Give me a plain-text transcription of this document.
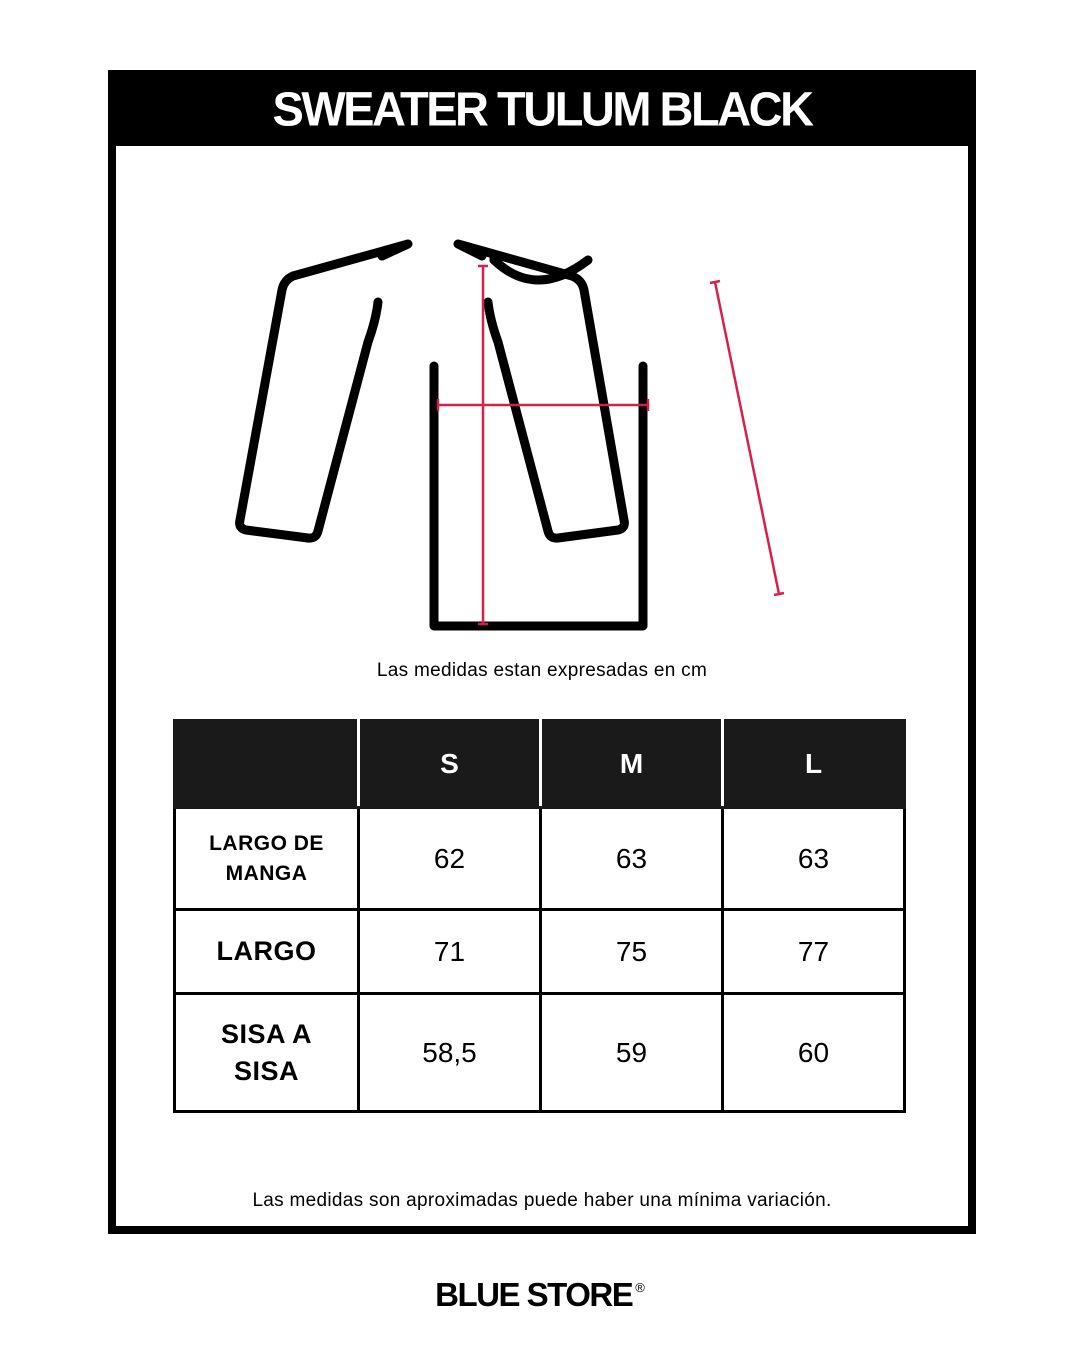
SWEATER TULUM BLACK
Las medidas estan expresadas en cm
	S	M	L
LARGO DE MANGA	62	63	63
LARGO	71	75	77
SISA A SISA	58,5	59	60
Las medidas son aproximadas puede haber una mínima variación.
BLUE STORE ®
